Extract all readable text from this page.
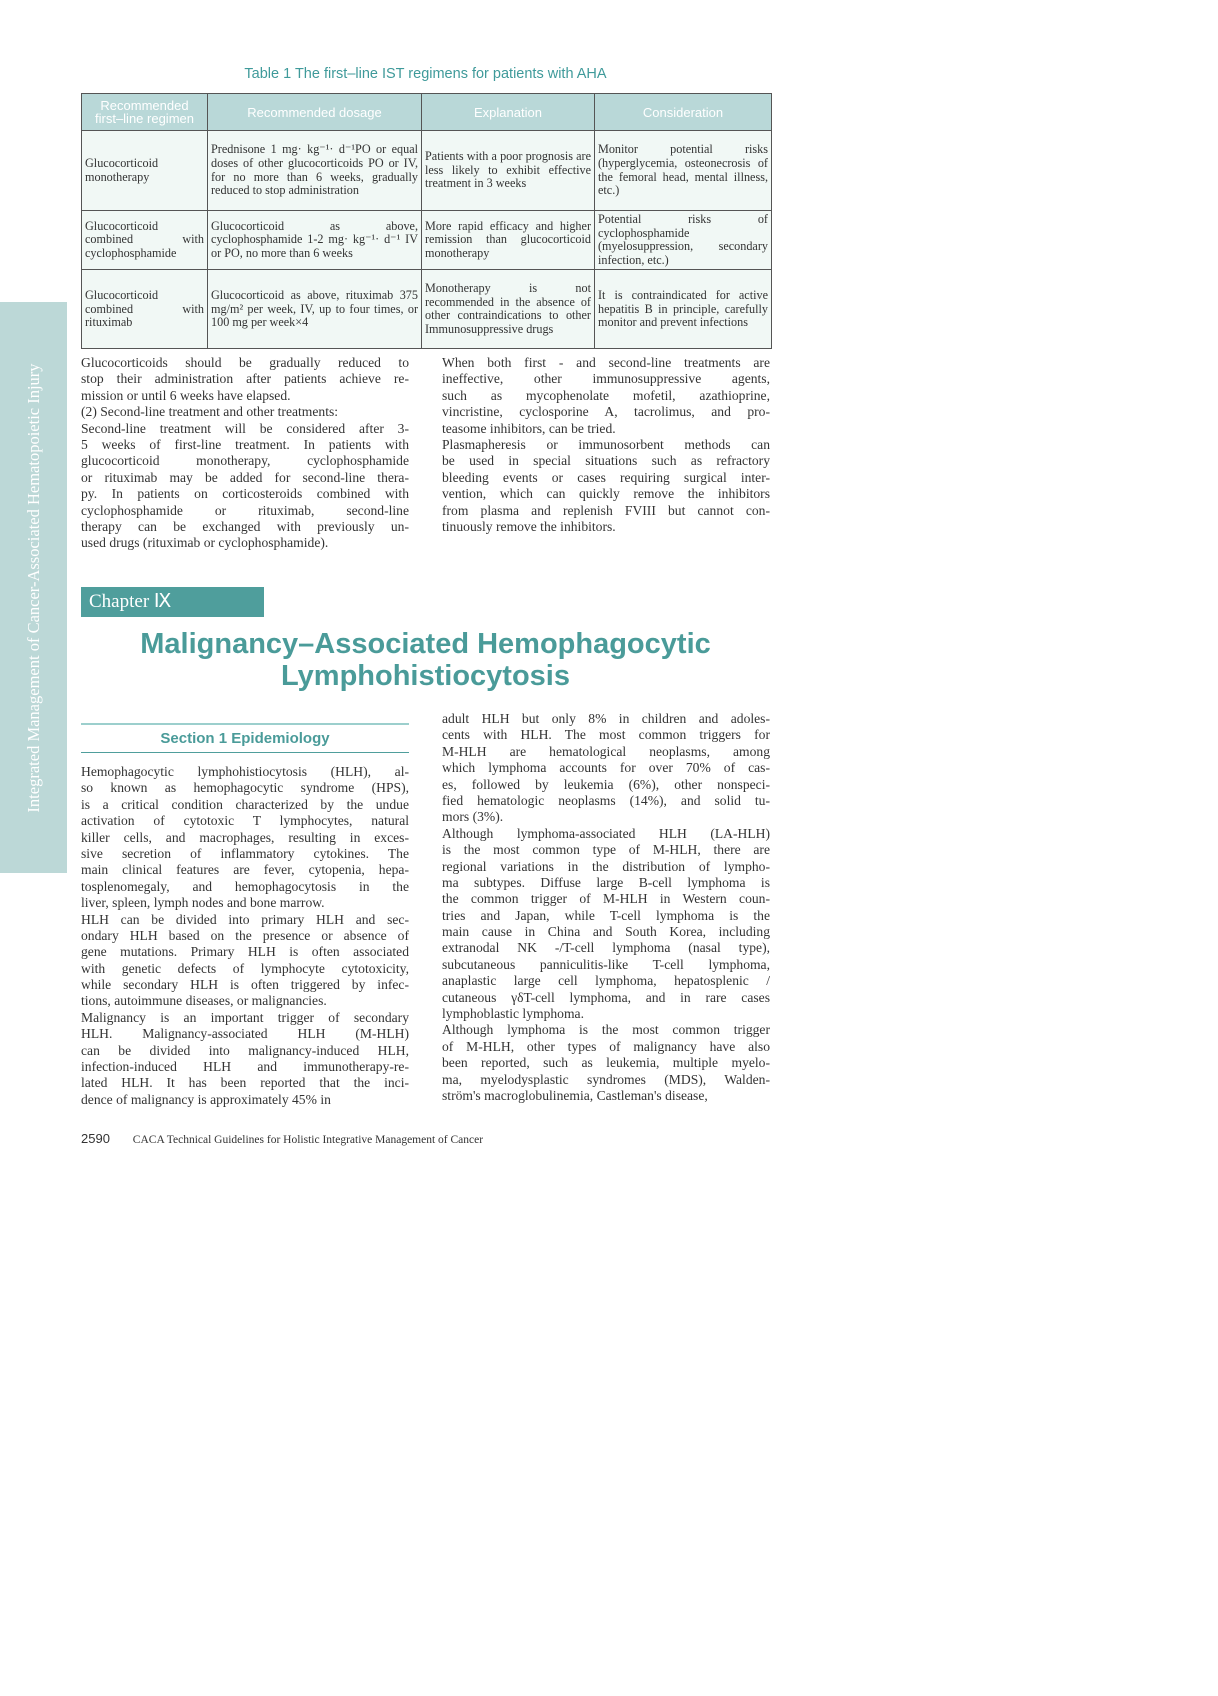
Table 1 The first–line IST regimens for patients with AHA
Recommended first–line regimen	Recommended dosage	Explanation	Consideration
Glucocorticoid monotherapy	Prednisone 1 mg· kg⁻¹· d⁻¹PO or equal doses of other glucocorticoids PO or IV, for no more than 6 weeks, gradually reduced to stop administration	Patients with a poor prognosis are less likely to exhibit effective treatment in 3 weeks	Monitor potential risks (hyperglycemia, osteonecrosis of the femoral head, mental illness, etc.)
Glucocorticoid combined with cyclophosphamide	Glucocorticoid as above, cyclophosphamide 1-2 mg· kg⁻¹· d⁻¹ IV or PO, no more than 6 weeks	More rapid efficacy and higher remission than glucocorticoid monotherapy	Potential risks of cyclophosphamide (myelosuppression, secondary infection, etc.)
Glucocorticoid combined with rituximab	Glucocorticoid as above, rituximab 375 mg/m² per week, IV, up to four times, or 100 mg per week×4	Monotherapy is not recommended in the absence of other contraindications to other Immunosuppressive drugs	It is contraindicated for active hepatitis B in principle, carefully monitor and prevent infections
Integrated Management of Cancer-Associated Hematopoietic Injury
Glucocorticoids should be gradually reduced to
stop their administration after patients achieve re-
mission or until 6 weeks have elapsed.
(2) Second-line treatment and other treatments:
Second-line treatment will be considered after 3-
5 weeks of first-line treatment. In patients with
glucocorticoid monotherapy, cyclophosphamide
or rituximab may be added for second-line thera-
py. In patients on corticosteroids combined with
cyclophosphamide or rituximab, second-line
therapy can be exchanged with previously un-
used drugs (rituximab or cyclophosphamide).
When both first - and second-line treatments are
ineffective, other immunosuppressive agents,
such as mycophenolate mofetil, azathioprine,
vincristine, cyclosporine A, tacrolimus, and pro-
teasome inhibitors, can be tried.
Plasmapheresis or immunosorbent methods can
be used in special situations such as refractory
bleeding events or cases requiring surgical inter-
vention, which can quickly remove the inhibitors
from plasma and replenish FVIII but cannot con-
tinuously remove the inhibitors.
Chapter Ⅸ
Malignancy–Associated Hemophagocytic
Lymphohistiocytosis
Section 1 Epidemiology
Hemophagocytic lymphohistiocytosis (HLH), al-
so known as hemophagocytic syndrome (HPS),
is a critical condition characterized by the undue
activation of cytotoxic T lymphocytes, natural
killer cells, and macrophages, resulting in exces-
sive secretion of inflammatory cytokines. The
main clinical features are fever, cytopenia, hepa-
tosplenomegaly, and hemophagocytosis in the
liver, spleen, lymph nodes and bone marrow.
HLH can be divided into primary HLH and sec-
ondary HLH based on the presence or absence of
gene mutations. Primary HLH is often associated
with genetic defects of lymphocyte cytotoxicity,
while secondary HLH is often triggered by infec-
tions, autoimmune diseases, or malignancies.
Malignancy is an important trigger of secondary
HLH. Malignancy-associated HLH (M-HLH)
can be divided into malignancy-induced HLH,
infection-induced HLH and immunotherapy-re-
lated HLH. It has been reported that the inci-
dence of malignancy is approximately 45% in
adult HLH but only 8% in children and adoles-
cents with HLH. The most common triggers for
M-HLH are hematological neoplasms, among
which lymphoma accounts for over 70% of cas-
es, followed by leukemia (6%), other nonspeci-
fied hematologic neoplasms (14%), and solid tu-
mors (3%).
Although lymphoma-associated HLH (LA-HLH)
is the most common type of M-HLH, there are
regional variations in the distribution of lympho-
ma subtypes. Diffuse large B-cell lymphoma is
the common trigger of M-HLH in Western coun-
tries and Japan, while T-cell lymphoma is the
main cause in China and South Korea, including
extranodal NK -/T-cell lymphoma (nasal type),
subcutaneous panniculitis-like T-cell lymphoma,
anaplastic large cell lymphoma, hepatosplenic /
cutaneous γδT-cell lymphoma, and in rare cases
lymphoblastic lymphoma.
Although lymphoma is the most common trigger
of M-HLH, other types of malignancy have also
been reported, such as leukemia, multiple myelo-
ma, myelodysplastic syndromes (MDS), Walden-
ström's macroglobulinemia, Castleman's disease,
2590 CACA Technical Guidelines for Holistic Integrative Management of Cancer
